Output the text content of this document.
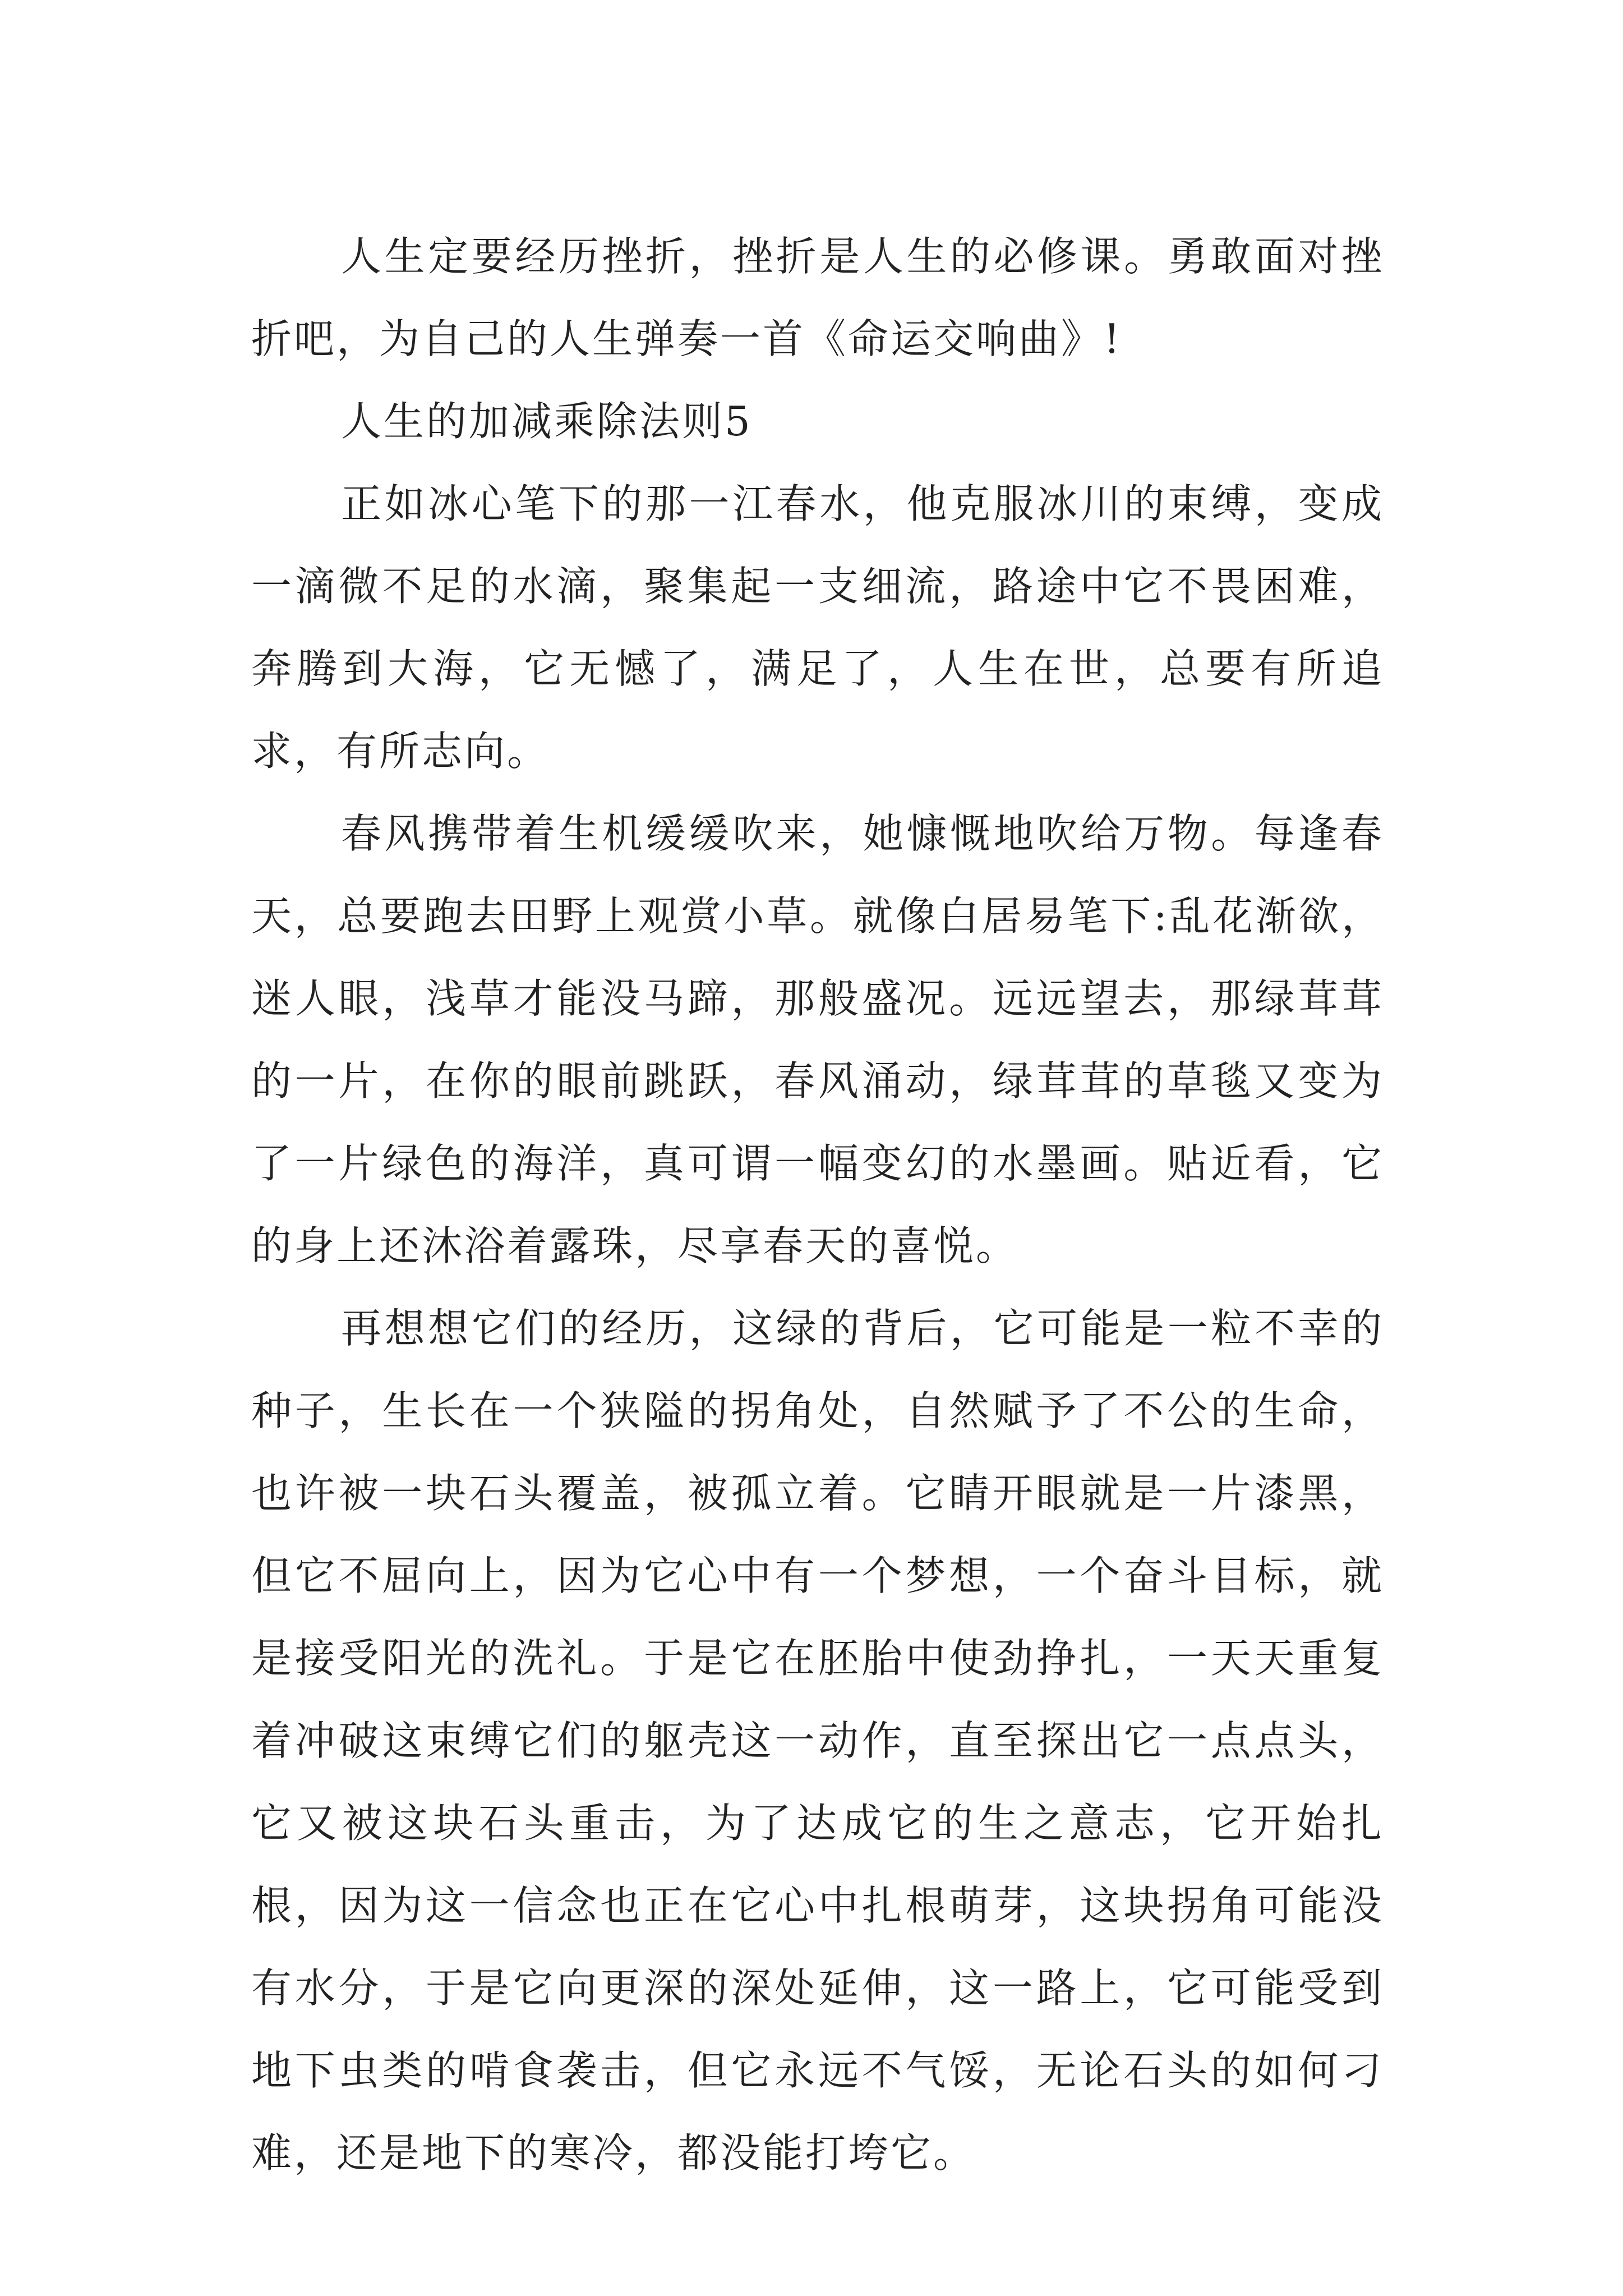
人生定要经历挫折，挫折是人生的必修课。勇敢面对挫折吧，为自己的人生弹奏一首《命运交响曲》!

人生的加减乘除法则5

正如冰心笔下的那一江春水，他克服冰川的束缚，变成一滴微不足的水滴，聚集起一支细流，路途中它不畏困难，奔腾到大海，它无憾了，满足了，人生在世，总要有所追求，有所志向。

春风携带着生机缓缓吹来，她慷慨地吹给万物。每逢春天，总要跑去田野上观赏小草。就像白居易笔下:乱花渐欲，迷人眼，浅草才能没马蹄，那般盛况。远远望去，那绿茸茸的一片，在你的眼前跳跃，春风涌动，绿茸茸的草毯又变为了一片绿色的海洋，真可谓一幅变幻的水墨画。贴近看，它的身上还沐浴着露珠，尽享春天的喜悦。

再想想它们的经历，这绿的背后，它可能是一粒不幸的种子，生长在一个狭隘的拐角处，自然赋予了不公的生命，也许被一块石头覆盖，被孤立着。它睛开眼就是一片漆黑，但它不屈向上，因为它心中有一个梦想，一个奋斗目标，就是接受阳光的洗礼。于是它在胚胎中使劲挣扎，一天天重复着冲破这束缚它们的躯壳这一动作，直至探出它一点点头，它又被这块石头重击，为了达成它的生之意志，它开始扎根，因为这一信念也正在它心中扎根萌芽，这块拐角可能没有水分，于是它向更深的深处延伸，这一路上，它可能受到地下虫类的啃食袭击，但它永远不气馁，无论石头的如何刁难，还是地下的寒冷，都没能打垮它。
